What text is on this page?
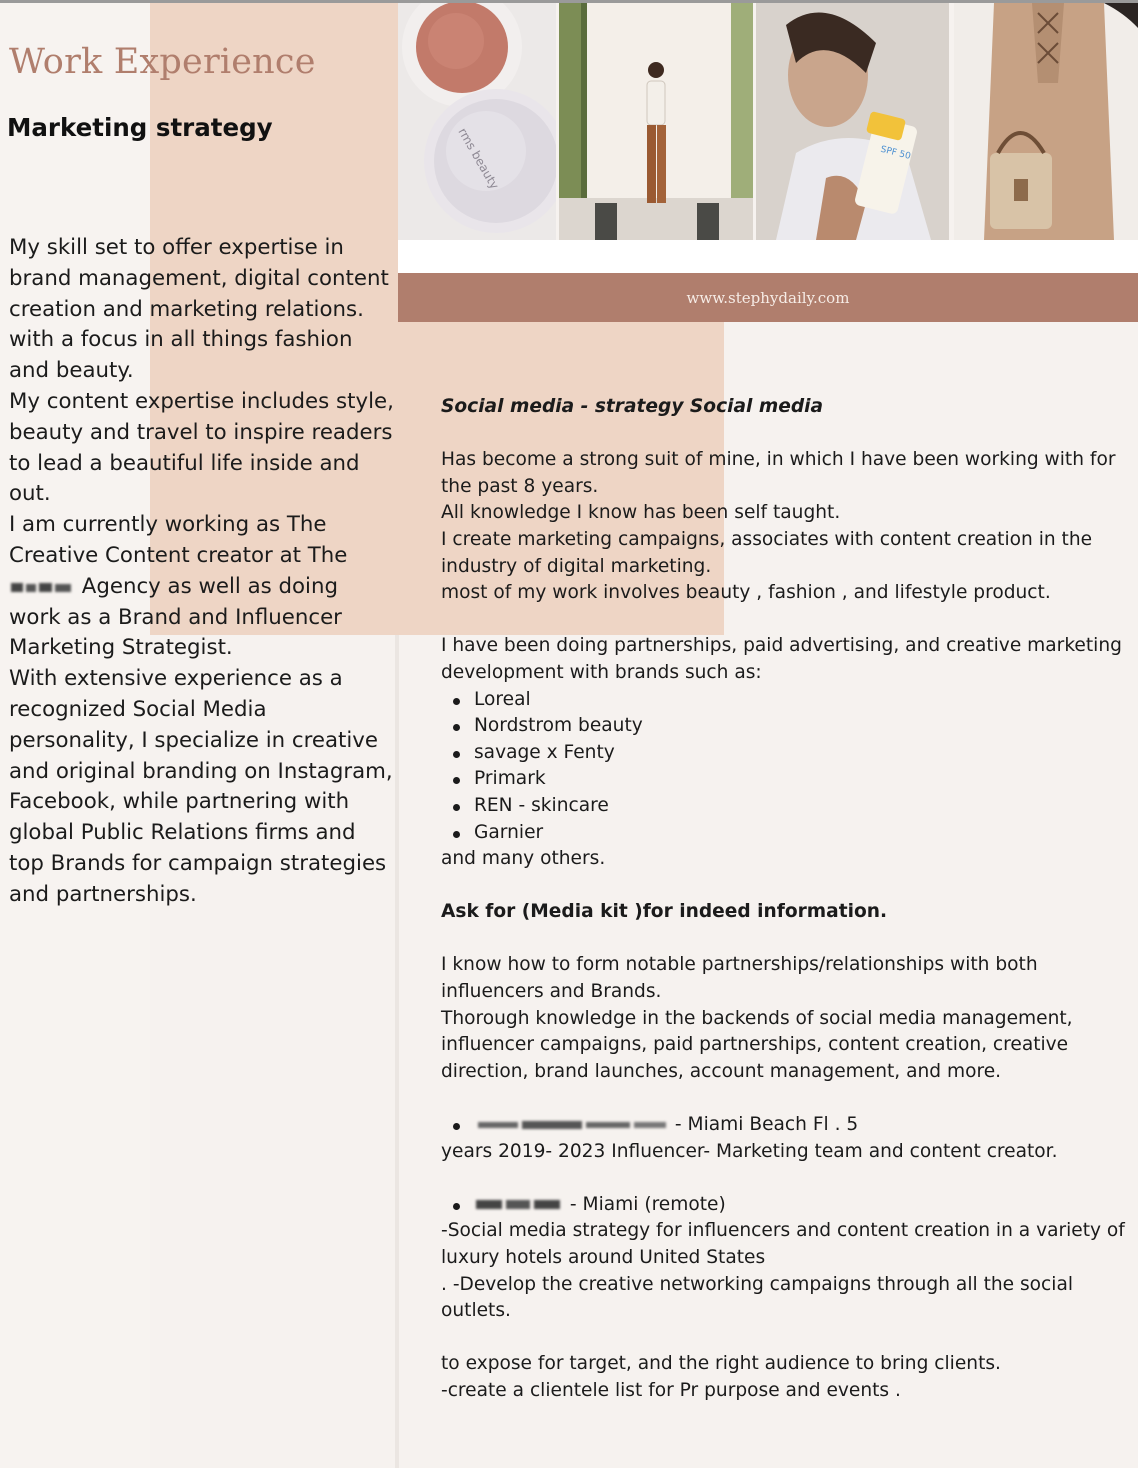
Work Experience
Marketing strategy

My skill set to offer expertise in brand management, digital content creation and marketing relations. with a focus in all things fashion and beauty.

My content expertise includes style, beauty and travel to inspire readers to lead a beautiful life inside and out.

I am currently working as The Creative Content creator at The  Agency as well as doing work as a Brand and Influencer Marketing Strategist.

With extensive experience as a recognized Social Media personality, I specialize in creative and original branding on Instagram, Facebook, while partnering with global Public Relations firms and top Brands for campaign strategies and partnerships.

rms beauty	SPF 50
www.stephydaily.com

Social media - strategy Social media

Has become a strong suit of mine, in which I have been working with for the past 8 years.

All knowledge I know has been self taught.

I create marketing campaigns, associates with content creation in the industry of digital marketing.

most of my work involves beauty , fashion , and lifestyle product.

I have been doing partnerships, paid advertising, and creative marketing development with brands such as:

Loreal
Nordstrom beauty
savage x Fenty
Primark
REN - skincare
Garnier

and many others.

Ask for (Media kit )for indeed information.

I know how to form notable partnerships/relationships with both influencers and Brands.

Thorough knowledge in the backends of social media management, influencer campaigns, paid partnerships, content creation, creative direction, brand launches, account management, and more.

- Miami Beach Fl . 5

years 2019- 2023 Influencer- Marketing team and content creator.

- Miami (remote)

-Social media strategy for influencers and content creation in a variety of luxury hotels around United States

. -Develop the creative networking campaigns through all the social outlets.

to expose for target, and the right audience to bring clients.

-create a clientele list for Pr purpose and events .
